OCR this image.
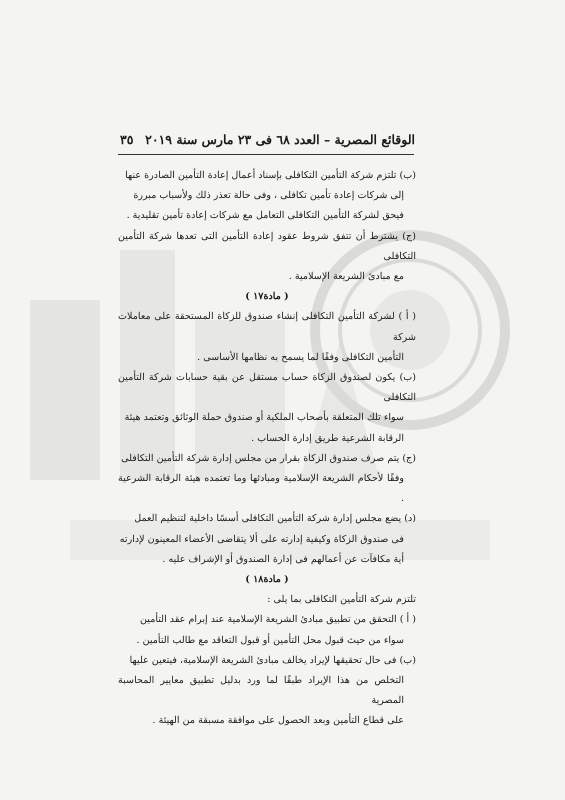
٣٥ الوقائع المصرية – العدد ٦٨ فى ٢٣ مارس سنة ٢٠١٩

(ب) تلتزم شركة التأمين التكافلى بإسناد أعمال إعادة التأمين الصادرة عنها

إلى شركات إعادة تأمين تكافلى ، وفى حالة تعذر ذلك ولأسباب مبررة

فيحق لشركة التأمين التكافلى التعامل مع شركات إعادة تأمين تقليدية .

(ج) يشترط أن تتفق شروط عقود إعادة التأمين التى تعدها شركة التأمين التكافلى

مع مبادئ الشريعة الإسلامية .

( مادة١٧ )

( أ ) لشركة التأمين التكافلى إنشاء صندوق للزكاة المستحقة على معاملات شركة

التأمين التكافلى وفقًا لما يسمح به نظامها الأساسى .

(ب) يكون لصندوق الزكاة حساب مستقل عن بقية حسابات شركة التأمين التكافلى

سواء تلك المتعلقة بأصحاب الملكية أو صندوق حملة الوثائق وتعتمد هيئة

الرقابة الشرعية طريق إدارة الحساب .

(ج) يتم صرف صندوق الزكاة بقرار من مجلس إدارة شركة التأمين التكافلى

وفقًا لأحكام الشريعة الإسلامية ومبادئها وما تعتمده هيئة الرقابة الشرعية .

(د) يضع مجلس إدارة شركة التأمين التكافلى أسسًا داخلية لتنظيم العمل

فى صندوق الزكاة وكيفية إدارته على ألا يتقاضى الأعضاء المعينون لإدارته

أية مكافآت عن أعمالهم فى إدارة الصندوق أو الإشراف عليه .

( مادة١٨ )

تلتزم شركة التأمين التكافلى بما يلى :

( أ ) التحقق من تطبيق مبادئ الشريعة الإسلامية عند إبرام عقد التأمين

سواء من حيث قبول محل التأمين أو قبول التعاقد مع طالب التأمين .

(ب) فى حال تحقيقها لإيراد يخالف مبادئ الشريعة الإسلامية، فيتعين عليها

التخلص من هذا الإيراد طبقًا لما ورد بدليل تطبيق معايير المحاسبة المصرية

على قطاع التأمين وبعد الحصول على موافقة مسبقة من الهيئة .
